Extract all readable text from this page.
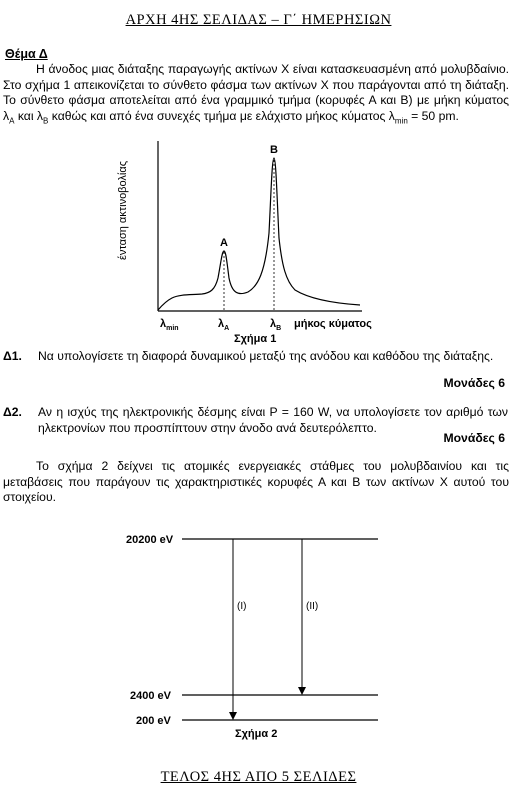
ΑΡΧΗ 4ΗΣ ΣΕΛΙΔΑΣ – Γ΄ ΗΜΕΡΗΣΙΩΝ
Θέμα Δ
Η άνοδος μιας διάταξης παραγωγής ακτίνων Χ είναι κατασκευασμένη από μολυβδαίνιο. Στο σχήμα 1 απεικονίζεται το σύνθετο φάσμα των ακτίνων Χ που παράγονται από τη διάταξη. Το σύνθετο φάσμα αποτελείται από ένα γραμμικό τμήμα (κορυφές Α και Β) με μήκη κύματος $\lambda_A$ και $\lambda_B$ καθώς και από ένα συνεχές τμήμα με ελάχιστο μήκος κύματος $\lambda_{min} = 50$ pm.
ένταση ακτινοβολίας	Α
Β
$\lambda_{min}$	$\lambda_A$	$\lambda_B$ μήκος κύματος
Σχήμα 1
Δ1. Να υπολογίσετε τη διαφορά δυναμικού μεταξύ της ανόδου και καθόδου της διάταξης.
Μονάδες 6
Δ2. Αν η ισχύς της ηλεκτρονικής δέσμης είναι P = 160 W, να υπολογίσετε τον αριθμό των ηλεκτρονίων που προσπίπτουν στην άνοδο ανά δευτερόλεπτο.
Μονάδες 6
Το σχήμα 2 δείχνει τις ατομικές ενεργειακές στάθμες του μολυβδαινίου και τις μεταβάσεις που παράγουν τις χαρακτηριστικές κορυφές Α και Β των ακτίνων Χ αυτού του στοιχείου.
20200 eV
2400 eV
200 eV
(Ι)	(ΙΙ)
Σχήμα 2
ΤΕΛΟΣ 4ΗΣ ΑΠΟ 5 ΣΕΛΙΔΕΣ
